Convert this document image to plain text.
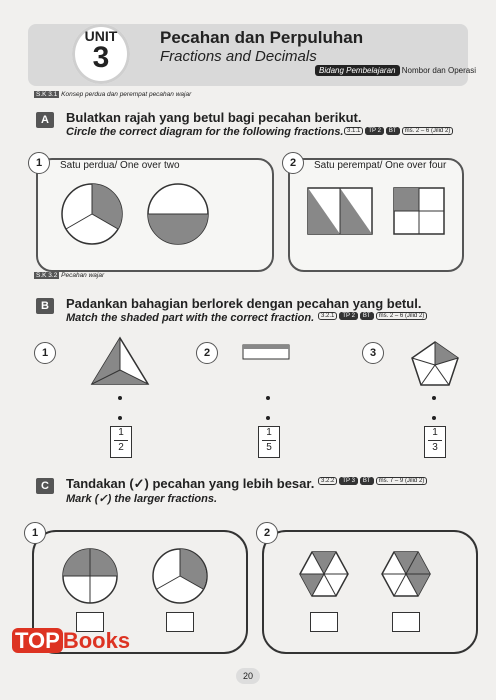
UNIT
3
Pecahan dan Perpuluhan
Fractions and Decimals
Bidang Pembelajaran Nombor dan Operasi
S.K 3.1 Konsep perdua dan perempat pecahan wajar
A	Bulatkan rajah yang betul bagi pecahan berikut.
Circle the correct diagram for the following fractions. 3.1.1 TP 2 BT ms. 2 – 6 (Jilid 2)
1	Satu perdua/ One over two	2	Satu perempat/ One over four
S.K 3.2 Pecahan wajar
B	Padankan bahagian berlorek dengan pecahan yang betul.
Match the shaded part with the correct fraction.	3.2.1 TP 2 BT ms. 2 – 6 (Jilid 2)
1	2	3
1
2
1
5
1
3
C	Tandakan (✓) pecahan yang lebih besar.
Mark (✓) the larger fractions.
3.2.2 TP 3 BT ms. 7 – 9 (Jilid 2)
1	2
TOP Books
20
